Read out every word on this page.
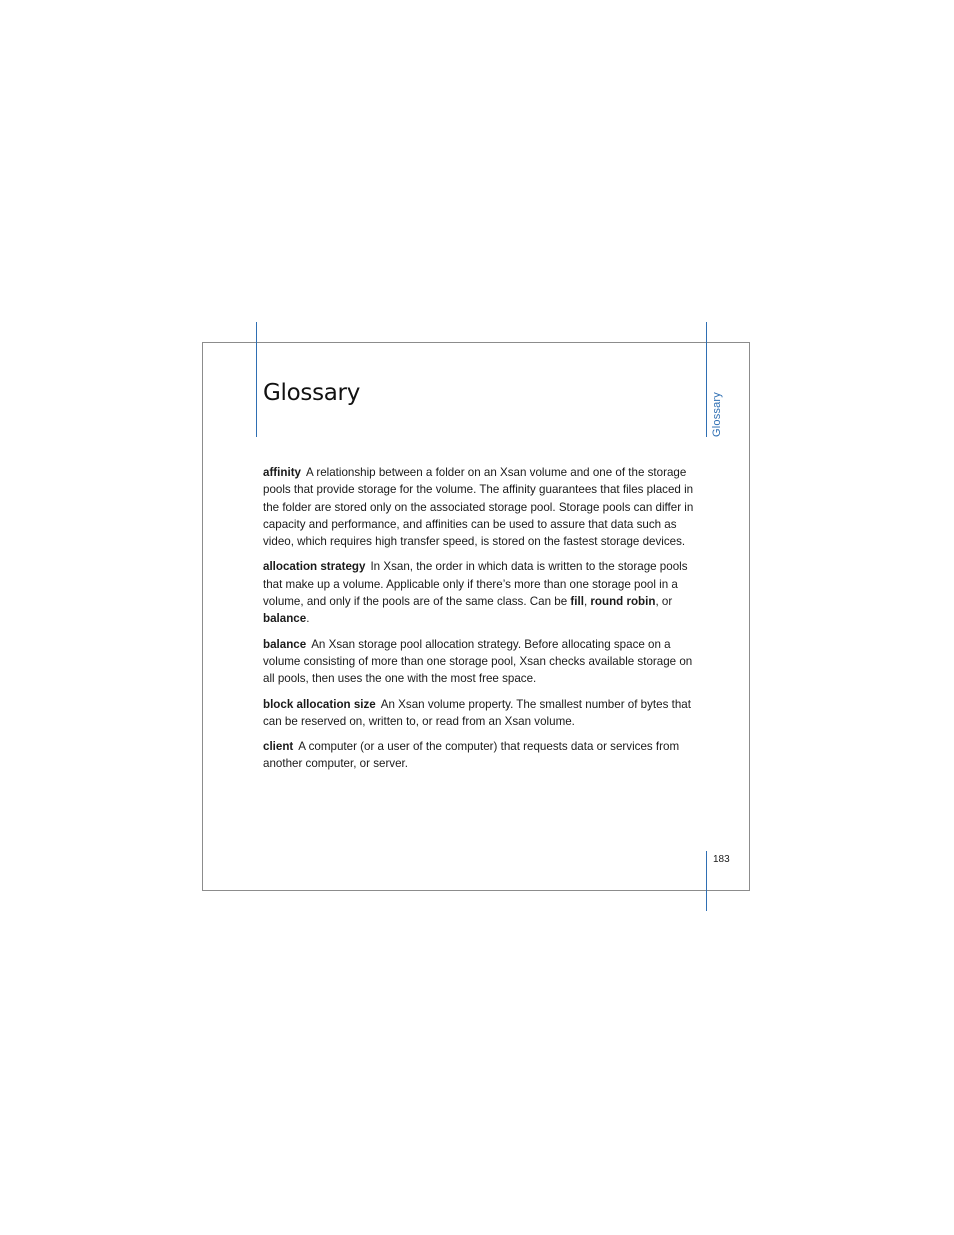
Glossary	Glossary

affinity A relationship between a folder on an Xsan volume and one of the storage pools that provide storage for the volume. The affinity guarantees that files placed in the folder are stored only on the associated storage pool. Storage pools can differ in capacity and performance, and affinities can be used to assure that data such as video, which requires high transfer speed, is stored on the fastest storage devices.

allocation strategy In Xsan, the order in which data is written to the storage pools that make up a volume. Applicable only if there’s more than one storage pool in a volume, and only if the pools are of the same class. Can be fill, round robin, or balance.

balance An Xsan storage pool allocation strategy. Before allocating space on a volume consisting of more than one storage pool, Xsan checks available storage on all pools, then uses the one with the most free space.

block allocation size An Xsan volume property. The smallest number of bytes that can be reserved on, written to, or read from an Xsan volume.

client A computer (or a user of the computer) that requests data or services from another computer, or server.

183
